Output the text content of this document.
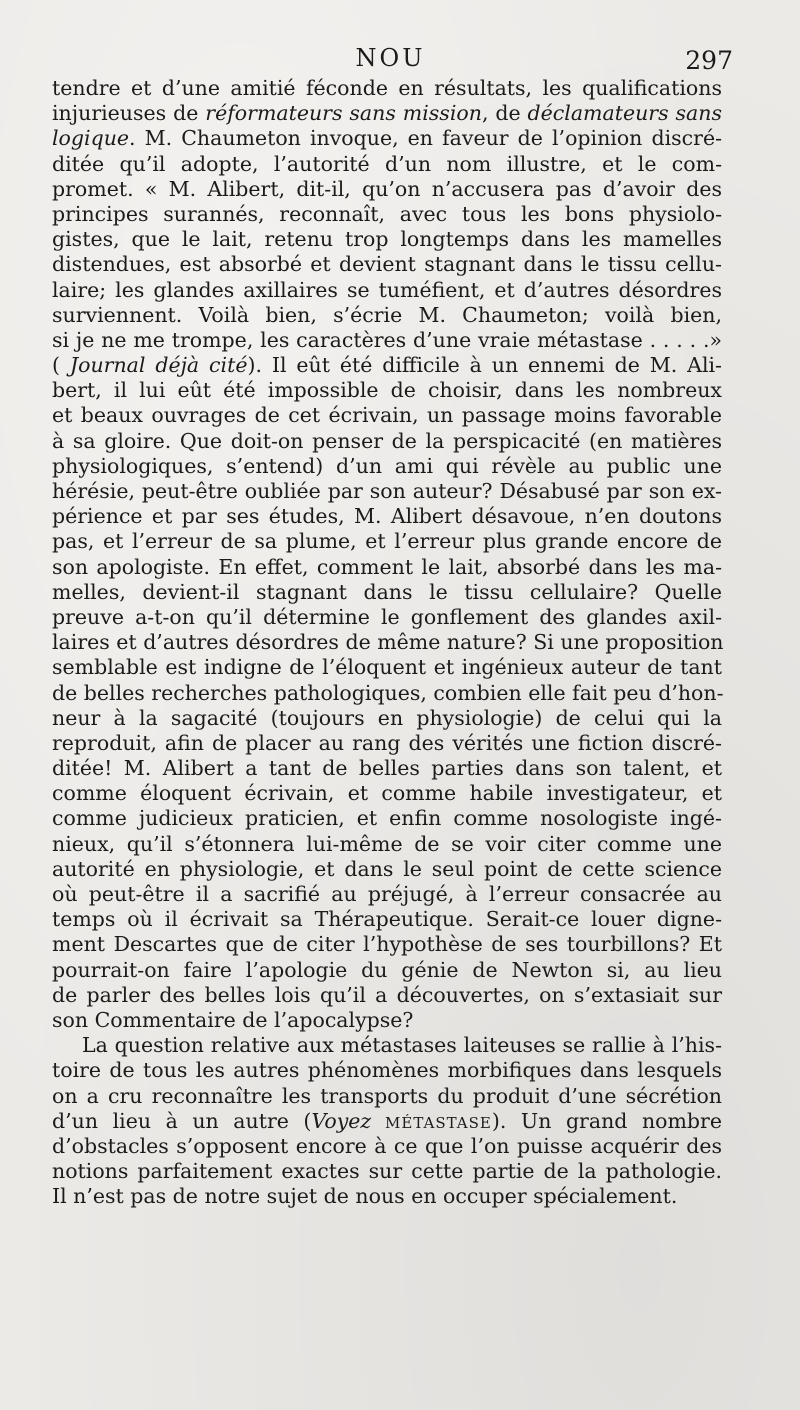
NOU	297
tendre et d’une amitié féconde en résultats, les qualifications
injurieuses de réformateurs sans mission, de déclamateurs sans
logique. M. Chaumeton invoque, en faveur de l’opinion discré-
ditée qu’il adopte, l’autorité d’un nom illustre, et le com-
promet. « M. Alibert, dit-il, qu’on n’accusera pas d’avoir des
principes surannés, reconnaît, avec tous les bons physiolo-
gistes, que le lait, retenu trop longtemps dans les mamelles
distendues, est absorbé et devient stagnant dans le tissu cellu-
laire; les glandes axillaires se tuméfient, et d’autres désordres
surviennent. Voilà bien, s’écrie M. Chaumeton; voilà bien,
si je ne me trompe, les caractères d’une vraie métastase . . . . .»
( Journal déjà cité). Il eût été difficile à un ennemi de M. Ali-
bert, il lui eût été impossible de choisir, dans les nombreux
et beaux ouvrages de cet écrivain, un passage moins favorable
à sa gloire. Que doit-on penser de la perspicacité (en matières
physiologiques, s’entend) d’un ami qui révèle au public une
hérésie, peut-être oubliée par son auteur? Désabusé par son ex-
périence et par ses études, M. Alibert désavoue, n’en doutons
pas, et l’erreur de sa plume, et l’erreur plus grande encore de
son apologiste. En effet, comment le lait, absorbé dans les ma-
melles, devient-il stagnant dans le tissu cellulaire? Quelle
preuve a-t-on qu’il détermine le gonflement des glandes axil-
laires et d’autres désordres de même nature? Si une proposition
semblable est indigne de l’éloquent et ingénieux auteur de tant
de belles recherches pathologiques, combien elle fait peu d’hon-
neur à la sagacité (toujours en physiologie) de celui qui la
reproduit, afin de placer au rang des vérités une fiction discré-
ditée! M. Alibert a tant de belles parties dans son talent, et
comme éloquent écrivain, et comme habile investigateur, et
comme judicieux praticien, et enfin comme nosologiste ingé-
nieux, qu’il s’étonnera lui-même de se voir citer comme une
autorité en physiologie, et dans le seul point de cette science
où peut-être il a sacrifié au préjugé, à l’erreur consacrée au
temps où il écrivait sa Thérapeutique. Serait-ce louer digne-
ment Descartes que de citer l’hypothèse de ses tourbillons? Et
pourrait-on faire l’apologie du génie de Newton si, au lieu
de parler des belles lois qu’il a découvertes, on s’extasiait sur
son Commentaire de l’apocalypse?
La question relative aux métastases laiteuses se rallie à l’his-
toire de tous les autres phénomènes morbifiques dans lesquels
on a cru reconnaître les transports du produit d’une sécrétion
d’un lieu à un autre (Voyez MÉTASTASE). Un grand nombre
d’obstacles s’opposent encore à ce que l’on puisse acquérir des
notions parfaitement exactes sur cette partie de la pathologie.
Il n’est pas de notre sujet de nous en occuper spécialement.
